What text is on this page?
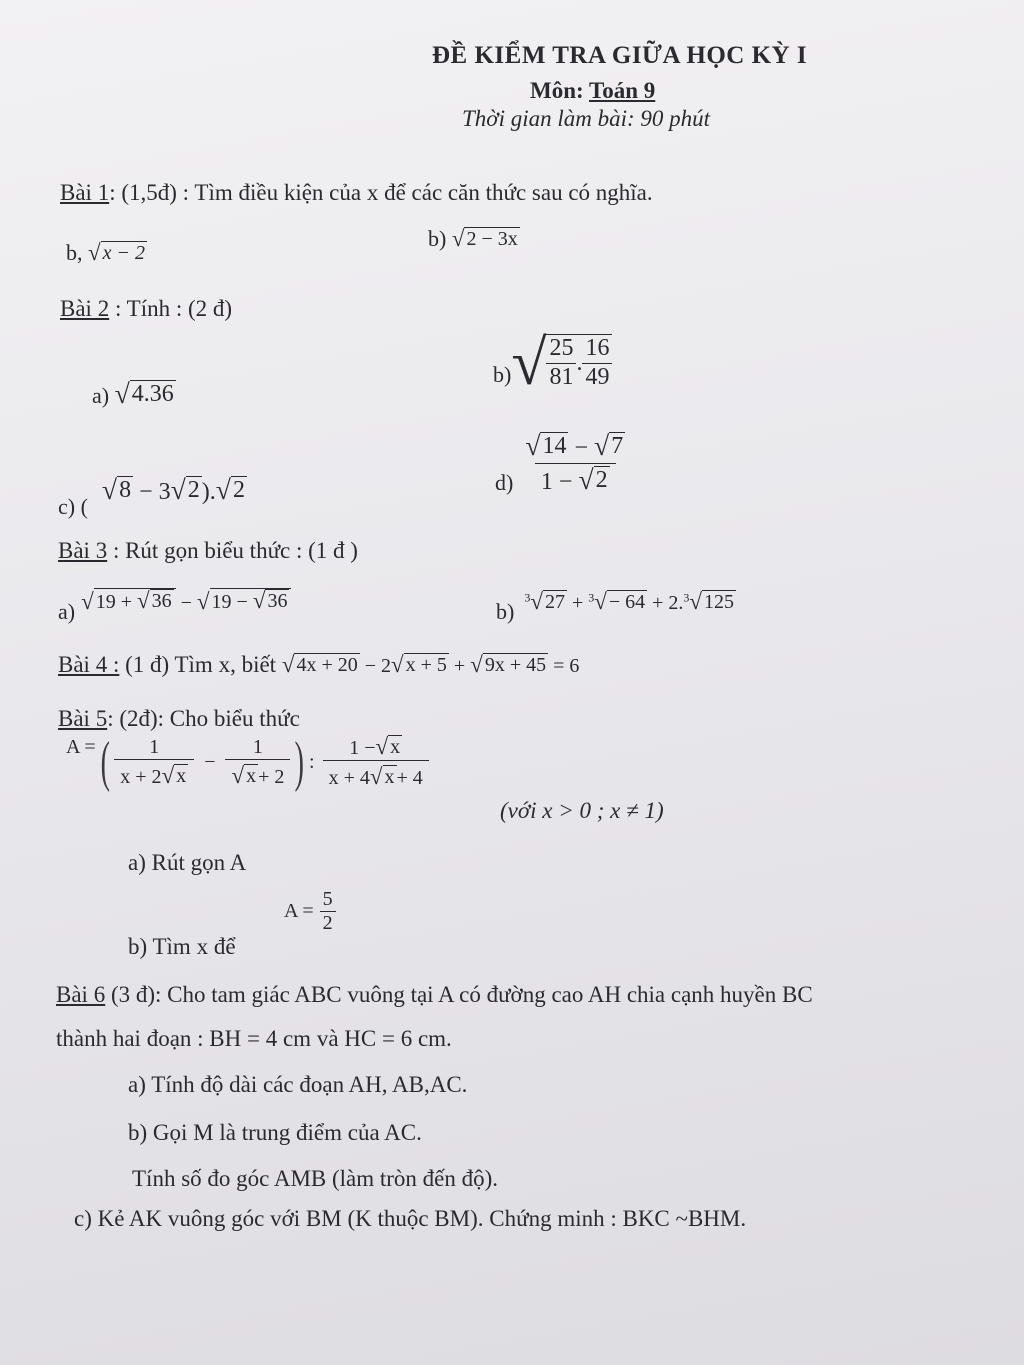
ĐỀ KIỂM TRA GIỮA HỌC KỲ I
Môn: Toán 9
Thời gian làm bài: 90 phút
Bài 1: (1,5đ) : Tìm điều kiện của x để các căn thức sau có nghĩa.
b, √ x − 2
b) √ 2 − 3x
Bài 2 : Tính : (2 đ)
a) √ 4.36
b) √ $\frac{25}{81}$ . $\frac{16}{49}$
c) (
√ 8 − 3 √ 2 ). √ 2	$d) \frac{√ 14 - √ 7}{1 - √ 2}$
Bài 3 : Rút gọn biểu thức : (1 đ )
a) √ 19 + √ 36 − √ 19 − √ 36	b)
$^3$ √ 27 + $^3$ √ − 64 + 2.$^3$ √ 125
Bài 4 :
(1 đ) Tìm x, biết
√ 4x + 20 − 2 √ x + 5 + √ 9x + 45 = 6
Bài 5: (2đ): Cho biểu thức
A = ( $\frac{1}{x + 2 √ x} - \frac{1}{√ x + 2}$ ) : $\frac{1 - √ x}{x + 4 √ x + 4}$
(với x > 0 ; x ≠ 1)
a) Rút gọn A
b) Tìm x để
$A = \frac{5}{2}$
Bài 6 (3 đ): Cho tam giác ABC vuông tại A có đường cao AH chia cạnh huyền BC
thành hai đoạn : BH = 4 cm và HC = 6 cm.
a) Tính độ dài các đoạn AH, AB,AC.
b) Gọi M là trung điểm của AC.
Tính số đo góc AMB (làm tròn đến độ).
c) Kẻ AK vuông góc với BM (K thuộc BM). Chứng minh : BKC ~BHM.
